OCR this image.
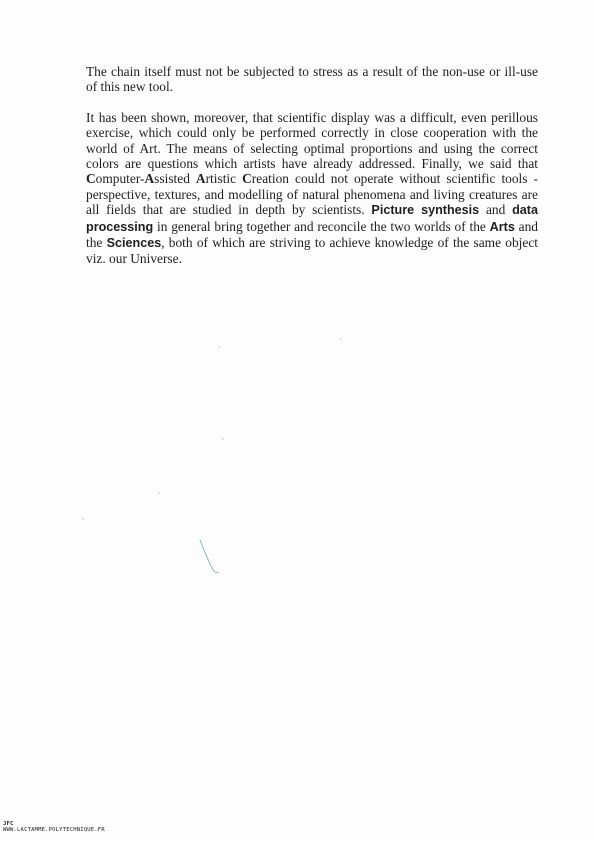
The chain itself must not be subjected to stress as a result of the non-use or ill-use of this new tool.

It has been shown, moreover, that scientific display was a difficult, even perillous exercise, which could only be performed correctly in close cooperation with the world of Art. The means of selecting optimal proportions and using the correct colors are questions which artists have already addressed. Finally, we said that Computer-Assisted Artistic Creation could not operate without scientific tools - perspective, textures, and modelling of natural phenomena and living creatures are all fields that are studied in depth by scientists. Picture synthesis and data processing in general bring together and reconcile the two worlds of the Arts and the Sciences, both of which are striving to achieve knowledge of the same object viz. our Universe.

JFC
WWW.LACTAMME.POLYTECHNIQUE.FR
